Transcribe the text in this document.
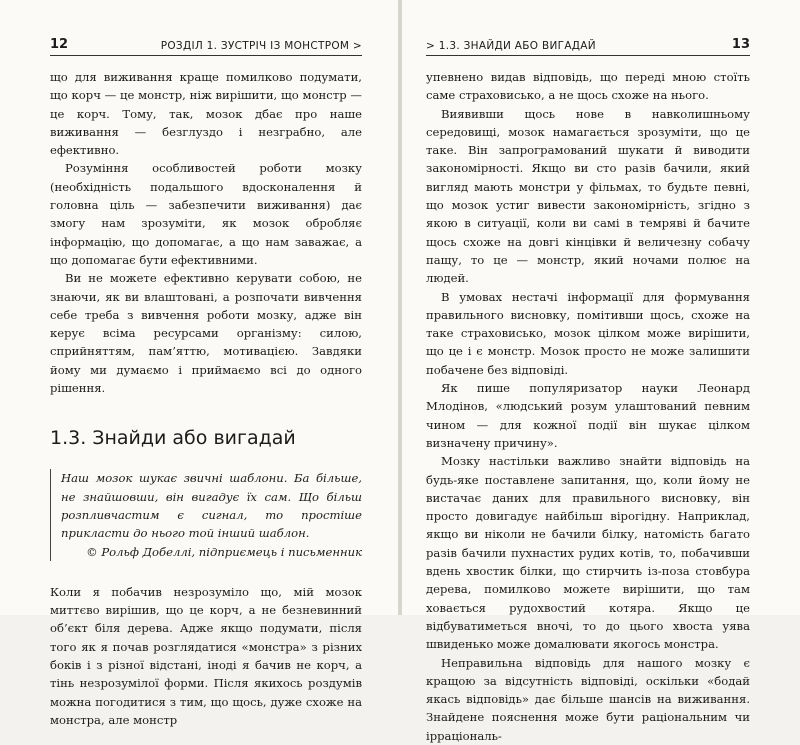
12	РОЗДІЛ 1. ЗУСТРІЧ ІЗ МОНСТРОМ >

що для виживання краще помилково подумати, що корч — це монстр, ніж вирішити, що монстр — це корч. Тому, так, мозок дбає про наше виживання — безглуздо і незграбно, але ефективно.

Розуміння особливостей роботи мозку (необхідність подальшого вдосконалення й головна ціль — забезпечити виживання) дає змогу нам зрозуміти, як мозок обробляє інформацію, що допомагає, а що нам заважає, а що допомагає бути ефективними.

Ви не можете ефективно керувати собою, не знаючи, як ви влаштовані, а розпочати вивчення себе треба з вивчення роботи мозку, адже він керує всіма ресурсами організму: силою, сприйняттям, пам’яттю, мотивацією. Завдяки йому ми думаємо і приймаємо всі до одного рішення.

1.3. Знайди або вигадай
Наш мозок шукає звичні шаблони. Ба більше, не знайшовши, він вигадує їх сам. Що більш розпливчастим є сигнал, то простіше прикласти до нього той інший шаблон.
© Рольф Добеллі, підприємець і письменник

Коли я побачив незрозуміло що, мій мозок миттєво вирішив, що це корч, а не безневинний об’єкт біля дерева. Адже якщо подумати, після того як я почав розглядатися «монстра» з різних боків і з різної відстані, іноді я бачив не корч, а тінь незрозумілої форми. Після якихось роздумів можна погодитися з тим, що щось, дуже схоже на монстра, але монстр

> 1.3. ЗНАЙДИ АБО ВИГАДАЙ	13

упевнено видав відповідь, що переді мною стоїть саме страховисько, а не щось схоже на нього.

Виявивши щось нове в навколишньому середовищі, мозок намагається зрозуміти, що це таке. Він запрограмований шукати й виводити закономірності. Якщо ви сто разів бачили, який вигляд мають монстри у фільмах, то будьте певні, що мозок устиг вивести закономірність, згідно з якою в ситуації, коли ви самі в темряві й бачите щось схоже на довгі кінцівки й величезну собачу пащу, то це — монстр, який ночами полює на людей.

В умовах нестачі інформації для формування правильного висновку, помітивши щось, схоже на таке страховисько, мозок цілком може вирішити, що це і є монстр. Мозок просто не може залишити побачене без відповіді.

Як пише популяризатор науки Леонард Млодінов, «людський розум улаштований певним чином — для кожної події він шукає цілком визначену причину».

Мозку настільки важливо знайти відповідь на будь-яке поставлене запитання, що, коли йому не вистачає даних для правильного висновку, він просто довигадує найбільш вірогідну. Наприклад, якщо ви ніколи не бачили білку, натомість багато разів бачили пухнастих рудих котів, то, побачивши вдень хвостик білки, що стирчить із-поза стовбура дерева, помилково можете вирішити, що там ховається рудохвостий котяра. Якщо це відбуватиметься вночі, то до цього хвоста уява швиденько може домалювати якогось монстра.

Неправильна відповідь для нашого мозку є кращою за відсутність відповіді, оскільки «бодай якась відповідь» дає більше шансів на виживання. Знайдене пояснення може бути раціональним чи ірраціональ-
